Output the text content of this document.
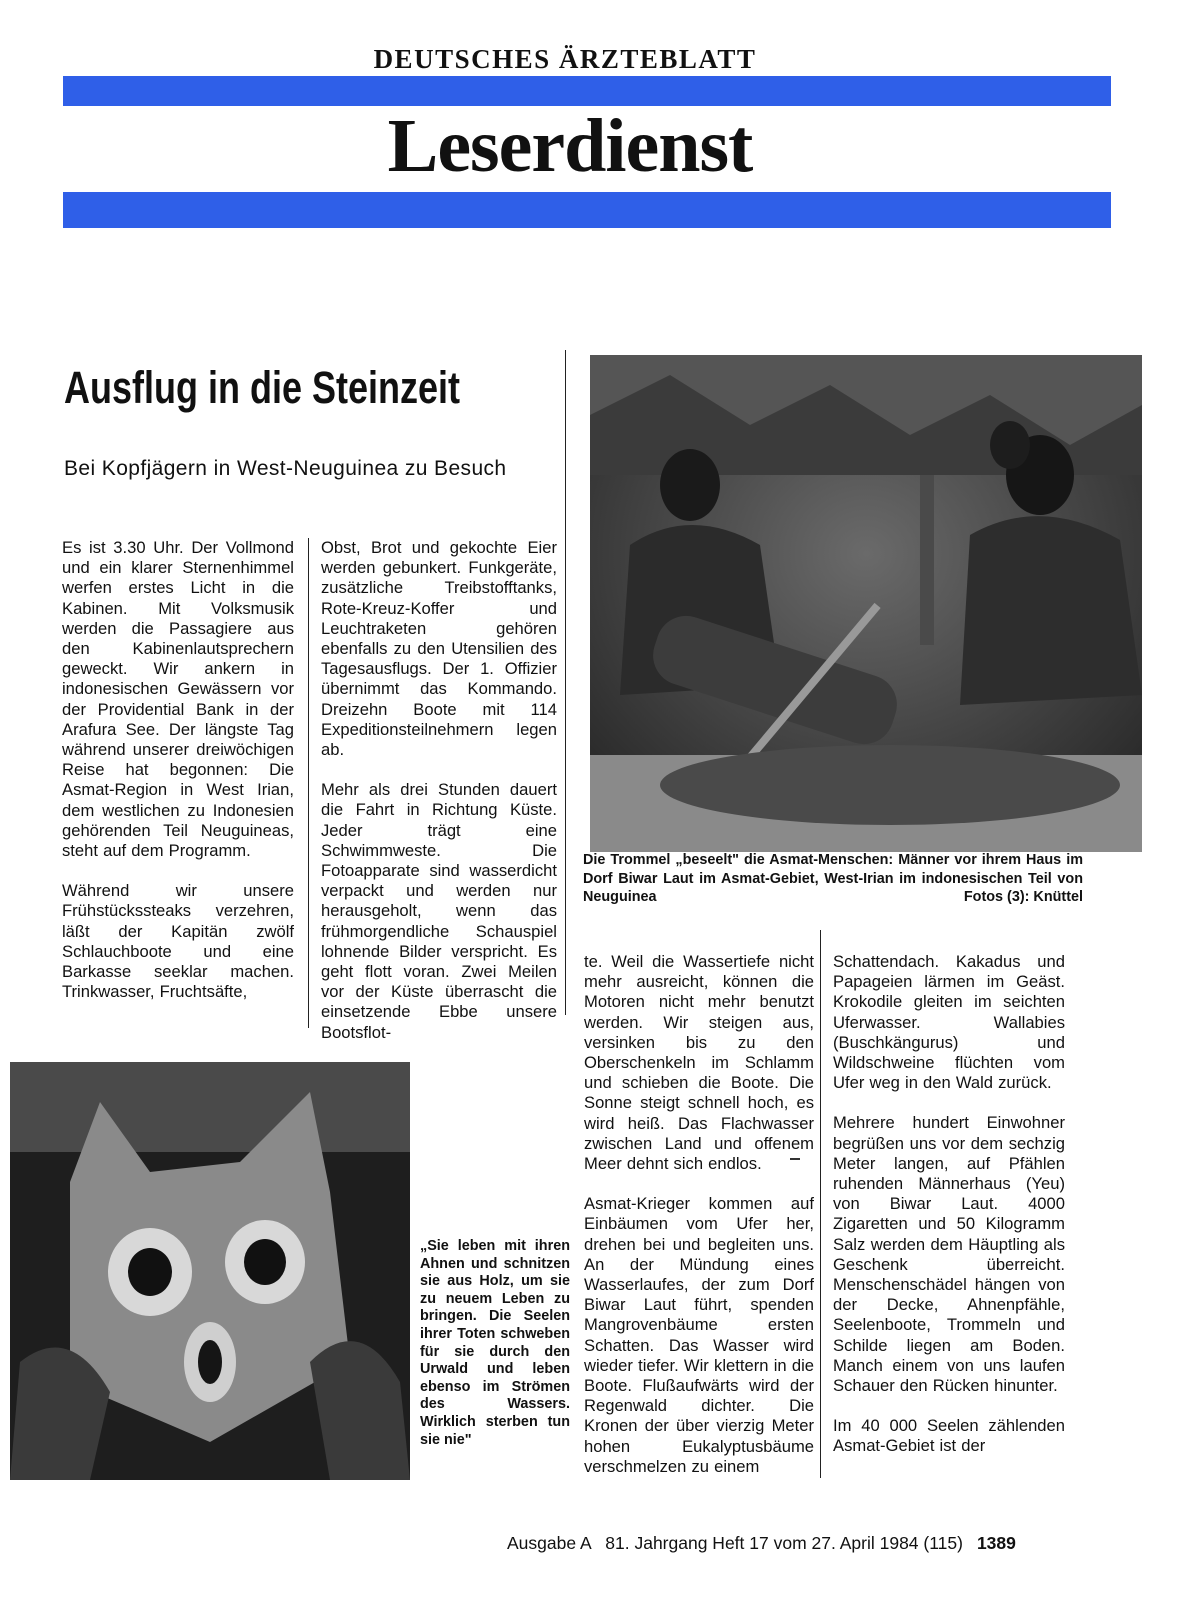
DEUTSCHES ÄRZTEBLATT
Leserdienst
Ausflug in die Steinzeit
Bei Kopfjägern in West-Neuguinea zu Besuch

Es ist 3.30 Uhr. Der Vollmond und ein klarer Sternenhimmel werfen erstes Licht in die Kabinen. Mit Volksmusik werden die Passagiere aus den Kabinenlautsprechern geweckt. Wir ankern in indonesischen Gewässern vor der Providential Bank in der Arafura See. Der längste Tag während unserer dreiwöchigen Reise hat begonnen: Die Asmat-Region in West Irian, dem westlichen zu Indonesien gehörenden Teil Neuguineas, steht auf dem Programm.

Während wir unsere Frühstückssteaks verzehren, läßt der Kapitän zwölf Schlauchboote und eine Barkasse seeklar machen. Trinkwasser, Fruchtsäfte,

Obst, Brot und gekochte Eier werden gebunkert. Funkgeräte, zusätzliche Treibstofftanks, Rote-Kreuz-Koffer und Leuchtraketen gehören ebenfalls zu den Utensilien des Tagesausflugs. Der 1. Offizier übernimmt das Kommando. Dreizehn Boote mit 114 Expeditionsteilnehmern legen ab.

Mehr als drei Stunden dauert die Fahrt in Richtung Küste. Jeder trägt eine Schwimmweste. Die Fotoapparate sind wasserdicht verpackt und werden nur herausgeholt, wenn das frühmorgendliche Schauspiel lohnende Bilder verspricht. Es geht flott voran. Zwei Meilen vor der Küste überrascht die einsetzende Ebbe unsere Bootsflot-

Die Trommel „beseelt" die Asmat-Menschen: Männer vor ihrem Haus im Dorf Biwar Laut im Asmat-Gebiet, West-Irian im indonesischen Teil von Neuguinea	Fotos (3): Knüttel

te. Weil die Wassertiefe nicht mehr ausreicht, können die Motoren nicht mehr benutzt werden. Wir steigen aus, versinken bis zu den Oberschenkeln im Schlamm und schieben die Boote. Die Sonne steigt schnell hoch, es wird heiß. Das Flachwasser zwischen Land und offenem Meer dehnt sich endlos.

Asmat-Krieger kommen auf Einbäumen vom Ufer her, drehen bei und begleiten uns. An der Mündung eines Wasserlaufes, der zum Dorf Biwar Laut führt, spenden Mangrovenbäume ersten Schatten. Das Wasser wird wieder tiefer. Wir klettern in die Boote. Flußaufwärts wird der Regenwald dichter. Die Kronen der über vierzig Meter hohen Eukalyptusbäume verschmelzen zu einem

Schattendach. Kakadus und Papageien lärmen im Geäst. Krokodile gleiten im seichten Uferwasser. Wallabies (Buschkängurus) und Wildschweine flüchten vom Ufer weg in den Wald zurück.

Mehrere hundert Einwohner begrüßen uns vor dem sechzig Meter langen, auf Pfählen ruhenden Männerhaus (Yeu) von Biwar Laut. 4000 Zigaretten und 50 Kilogramm Salz werden dem Häuptling als Geschenk überreicht. Menschenschädel hängen von der Decke, Ahnenpfähle, Seelenboote, Trommeln und Schilde liegen am Boden. Manch einem von uns laufen Schauer den Rücken hinunter.

Im 40 000 Seelen zählenden Asmat-Gebiet ist der

„Sie leben mit ihren Ahnen und schnitzen sie aus Holz, um sie zu neuem Leben zu bringen. Die Seelen ihrer Toten schweben für sie durch den Urwald und leben ebenso im Strömen des Wassers. Wirklich sterben tun sie nie"
Ausgabe A   81. Jahrgang Heft 17 vom 27. April 1984 (115) 1389
